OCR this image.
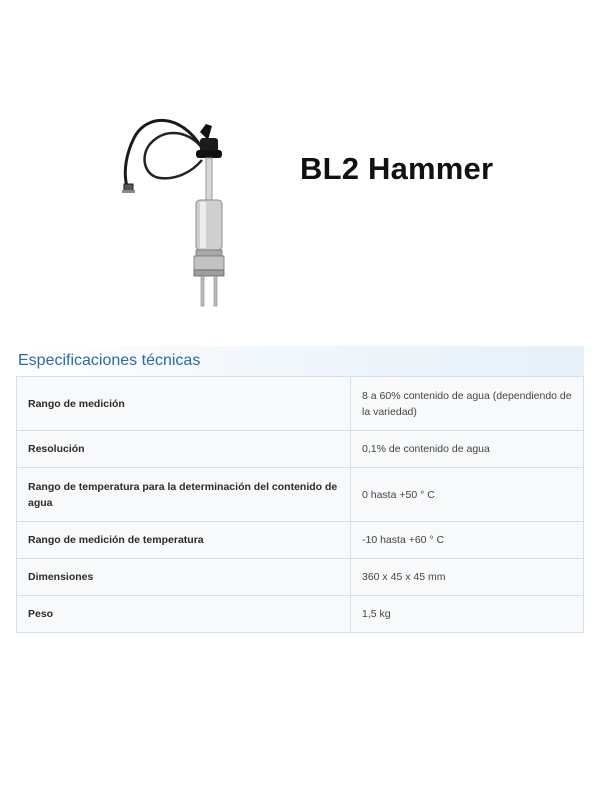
BL2 Hammer
Especificaciones técnicas
Rango de medición	8 a 60% contenido de agua (dependiendo de la variedad)
Resolución	0,1% de contenido de agua
Rango de temperatura para la determinación del contenido de agua	0 hasta +50 ° C
Rango de medición de temperatura	-10 hasta +60 ° C
Dimensiones	360 x 45 x 45 mm
Peso	1,5 kg
